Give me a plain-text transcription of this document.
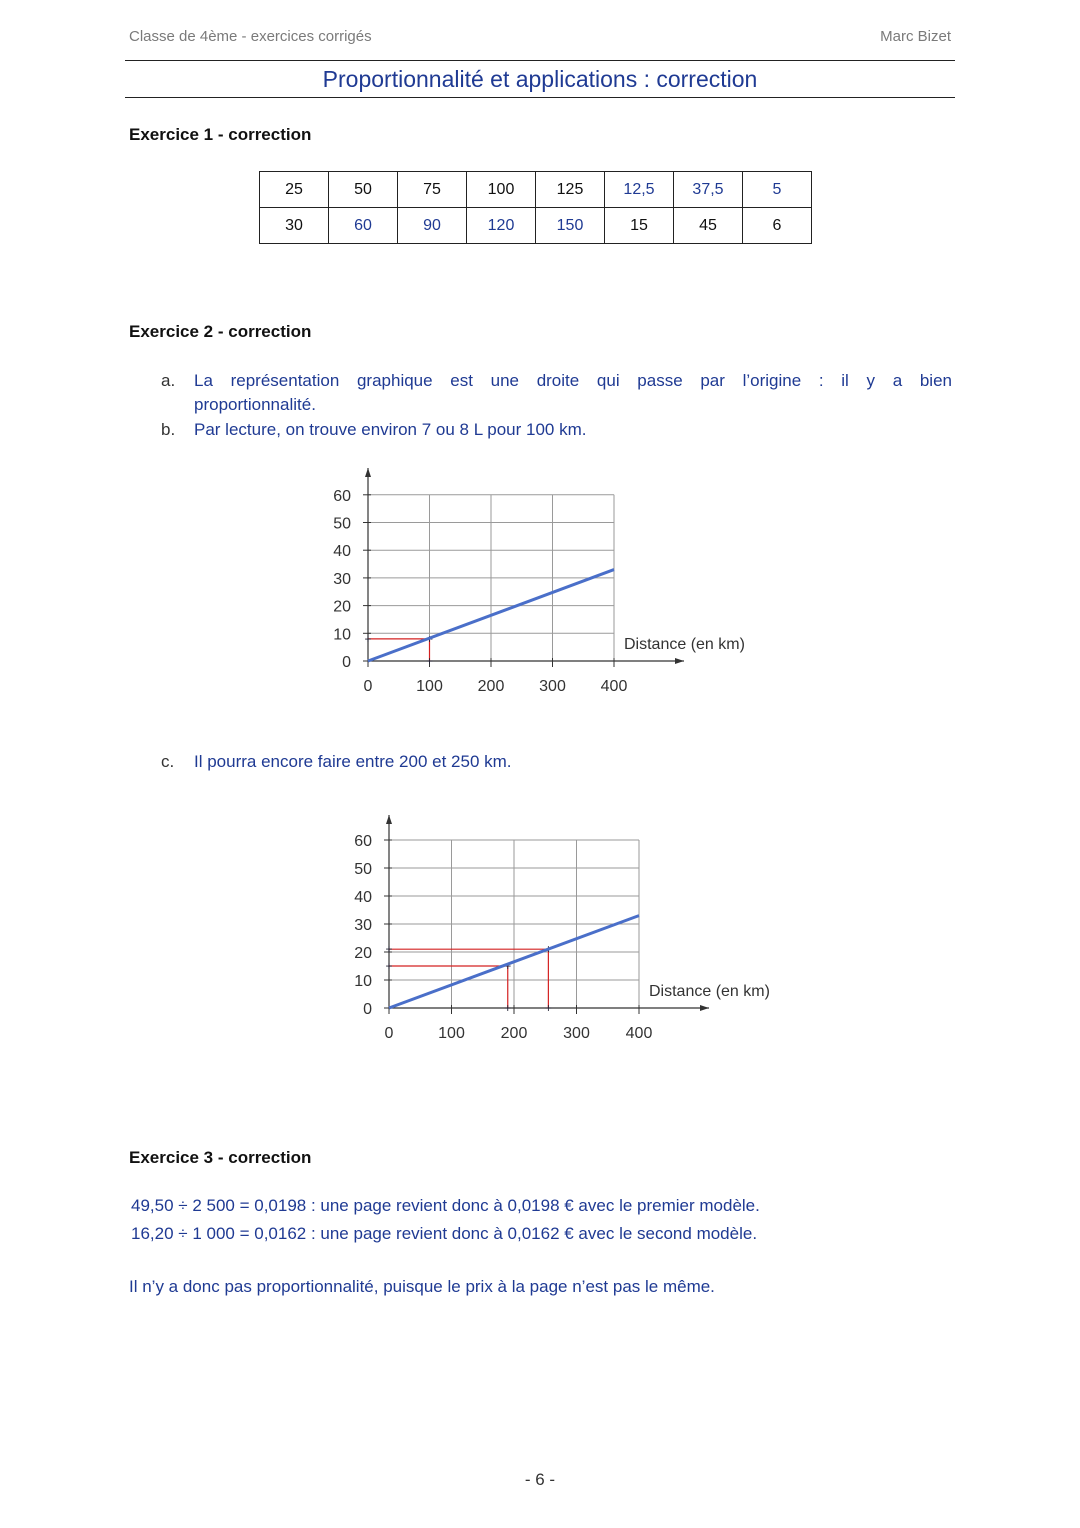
Classe de 4ème - exercices corrigés	Marc Bizet
Proportionnalité et applications : correction
Exercice 1 - correction
25	50	75	100	125	12,5	37,5	5
30	60	90	120	150	15	45	6
Exercice 2 - correction
a. La représentation graphique est une droite qui passe par l’origine : il y a bien
proportionnalité.
b. Par lecture, on trouve environ 7 ou 8 L pour 100 km.
0
10
20
30
40
50
60
0	100 200 300 400
Distance (en km)
+
+
+
c. Il pourra encore faire entre 200 et 250 km.
0
10
20
30
40
50
60
0	100 200 300 400
Distance (en km)
+
+
+
+
+
+
Exercice 3 - correction
49,50 ÷ 2 500 = 0,0198 : une page revient donc à 0,0198 € avec le premier modèle.
16,20 ÷ 1 000 = 0,0162 : une page revient donc à 0,0162 € avec le second modèle.
Il n’y a donc pas proportionnalité, puisque le prix à la page n’est pas le même.
- 6 -
